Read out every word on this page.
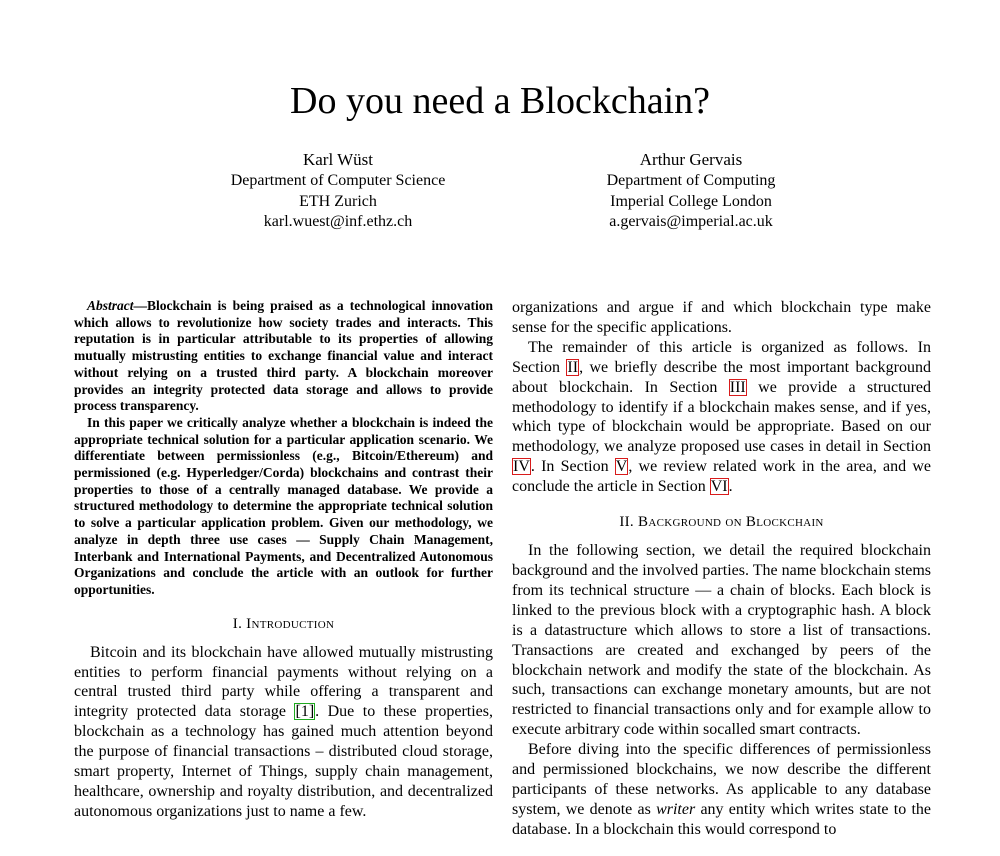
Do you need a Blockchain?
Karl Wüst
Department of Computer Science
ETH Zurich
karl.wuest@inf.ethz.ch
Arthur Gervais
Department of Computing
Imperial College London
a.gervais@imperial.ac.uk

Abstract—Blockchain is being praised as a technological innovation which allows to revolutionize how society trades and interacts. This reputation is in particular attributable to its properties of allowing mutually mistrusting entities to exchange financial value and interact without relying on a trusted third party. A blockchain moreover provides an integrity protected data storage and allows to provide process transparency.

In this paper we critically analyze whether a blockchain is indeed the appropriate technical solution for a particular application scenario. We differentiate between permissionless (e.g., Bitcoin/Ethereum) and permissioned (e.g. Hyperledger/Corda) blockchains and contrast their properties to those of a centrally managed database. We provide a structured methodology to determine the appropriate technical solution to solve a particular application problem. Given our methodology, we analyze in depth three use cases — Supply Chain Management, Interbank and International Payments, and Decentralized Autonomous Organizations and conclude the article with an outlook for further opportunities.

I. Introduction

Bitcoin and its blockchain have allowed mutually mistrusting entities to perform financial payments without relying on a central trusted third party while offering a transparent and integrity protected data storage [1]. Due to these properties, blockchain as a technology has gained much attention beyond the purpose of financial transactions – distributed cloud storage, smart property, Internet of Things, supply chain management, healthcare, ownership and royalty distribution, and decentralized autonomous organizations just to name a few.

organizations and argue if and which blockchain type make sense for the specific applications.

The remainder of this article is organized as follows. In Section II, we briefly describe the most important background about blockchain. In Section III we provide a structured methodology to identify if a blockchain makes sense, and if yes, which type of blockchain would be appropriate. Based on our methodology, we analyze proposed use cases in detail in Section IV. In Section V, we review related work in the area, and we conclude the article in Section VI.

II. Background on Blockchain

In the following section, we detail the required blockchain background and the involved parties. The name blockchain stems from its technical structure — a chain of blocks. Each block is linked to the previous block with a cryptographic hash. A block is a datastructure which allows to store a list of transactions. Transactions are created and exchanged by peers of the blockchain network and modify the state of the blockchain. As such, transactions can exchange monetary amounts, but are not restricted to financial transactions only and for example allow to execute arbitrary code within socalled smart contracts.

Before diving into the specific differences of permissionless and permissioned blockchains, we now describe the different participants of these networks. As applicable to any database system, we denote as writer any entity which writes state to the database. In a blockchain this would correspond to
